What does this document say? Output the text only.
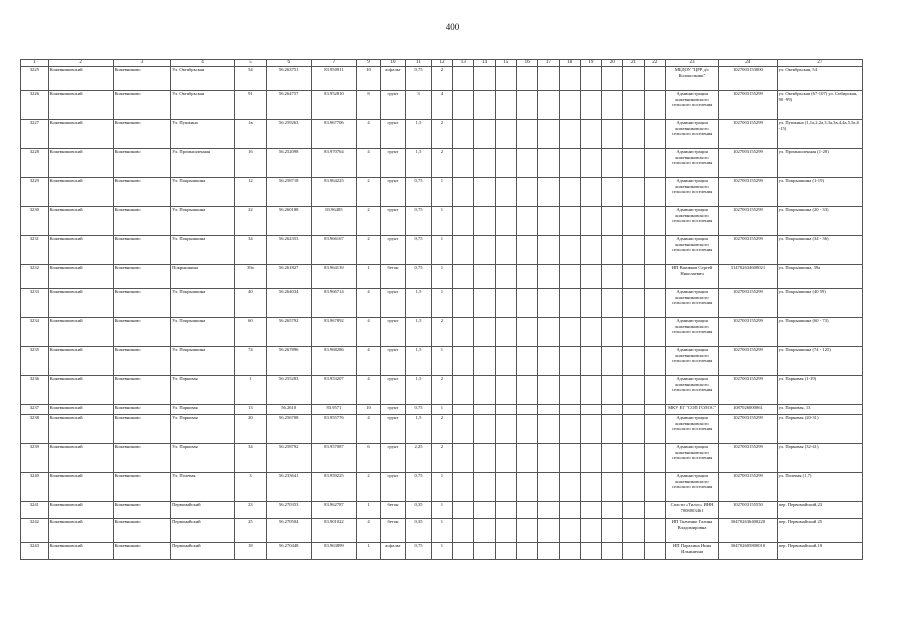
400
1	2	3	4	5	6	7	9	10	11	12	13	14	15	16	17	18	19	20	21	22	23	24	27
3225	Кожевниковский	Кожевниково	Ул. Октябрьская	54	56.263751	83.950911	10	асфальт	0,75	2											МБДОУ "ЦРР д/с Колокольчик"	1027003153000	ул. Октябрьская, 54
3226	Кожевниковский	Кожевниково	Ул. Октябрьская	91	56.264757	83.952810	8	грунт	3	4											Администрация кожевниковского сельского поселения	1027003155299	ул. Октябрьская (67-107) ул. Сибирская, 90 -99)
3227	Кожевниковский	Кожевниково	Ул. Пушкина	1в	56.259263	83.967706	4	грунт	1,5	2											Администрация кожевниковского сельского поселения	1027003155299	ул. Пушкина (1,1а,2,2а,3,3а,3в,4,4а,5,5а,6 -15)
3228	Кожевниковский	Кожевниково	Ул. Промышленная	16	56.252098	83.970764	4	грунт	1,5	2											Администрация кожевниковского сельского поселения	1027003155299	ул. Промышленная (1-28)
3229	Кожевниковский	Кожевниково	Ул. Покрышкина	12	56.258718	83.964225	2	грунт	0,75	1											Администрация кожевниковского сельского поселения	1027003155299	ул. Покрышкина (1-19)
3230	Кожевниковский	Кожевниково	Ул. Покрышкина	22	56.260188	83.96485	2	грунт	0,75	1											Администрация кожевниковского сельского поселения	1027003155299	ул. Покрышкина (20 - 33)
3231	Кожевниковский	Кожевниково	Ул. Покрышкина	34	56.262353	83.966167	2	грунт	0,75	1											Администрация кожевниковского сельского поселения	1027003155299	ул. Покрышкина (34 - 36)
3232	Кожевниковский	Кожевниково	Покрышкина	39а	56.261827	83.964139	1	бетон	0,75	1											ИП Вшивков Сергей Николаевич	314702634600021	ул. Покрышкина, 39а
3233	Кожевниковский	Кожевниково	Ул. Покрышкина	40	56.264034	83.966714	4	грунт	1,5	1											Администрация кожевниковского сельского поселения	1027003155299	ул. Покрышкина (40 59)
3234	Кожевниковский	Кожевниково	Ул. Покрышкина	60	56.265792	83.967892	4	грунт	1,5	2											Администрация кожевниковского сельского поселения	1027003155299	ул. Покрышкина (60 - 73)
3235	Кожевниковский	Кожевниково	Ул. Покрышкина	74	56.267896	83.968286	4	грунт	1,5	1											Администрация кожевниковского сельского поселения	1027003155299	ул. Покрышкина (74 - 125)
3236	Кожевниковский	Кожевниково	Ул. Парковая	1	56.255283	83.953207	4	грунт	1,5	2											Администрация кожевниковского сельского поселения	1027003155299	ул. Парковая (1-19)
3237	Кожевниковский	Кожевниково	Ул. Парковая	13	56.2610	83.9571	10	грунт	0,75	1											МКУ ЕГ "СОП ГОЛОС"	1087026000061	ул. Парковая, 13
3238	Кожевниковский	Кожевниково	Ул. Парковая	20	56.256708	83.955776	4	грунт	1,5	2											Администрация кожевниковского сельского поселения	1027003155299	ул. Парковая (20-31)
3239	Кожевниковский	Кожевниково	Ул. Парковая	34	56.258792	83.957087	6	грунт	2,25	2											Администрация кожевниковского сельского поселения	1027003155299	ул. Парковая (32-41)
3240	Кожевниковский	Кожевниково	Ул. Полевая	3	56.233641	83.959225	2	грунт	0,75	1											Администрация кожевниковского сельского поселения	1027003155299	ул. Полевая (1,7)
3241	Кожевниковский	Кожевниково	Первомайский	23	56.270353	83.962787	1	бетон	0,35	1											Спасти «Тилос» ИНН 7008003461	1027003155550	пер. Первомайский,23
3242	Кожевниковский	Кожевниково	Первомайский	25	56.270504	83.901022	4	бетон	0,35	1											ИП Ткаченко Галина Владимировна	304702636400220	пер. Первомайский 25
3243	Кожевниковский	Кожевниково	Первомайский	18	56.270448	83.963899	1	асфальт	0,75	1											ИП Парахина Нина Ильинична	304702605800010	пер. Первомайский,18
